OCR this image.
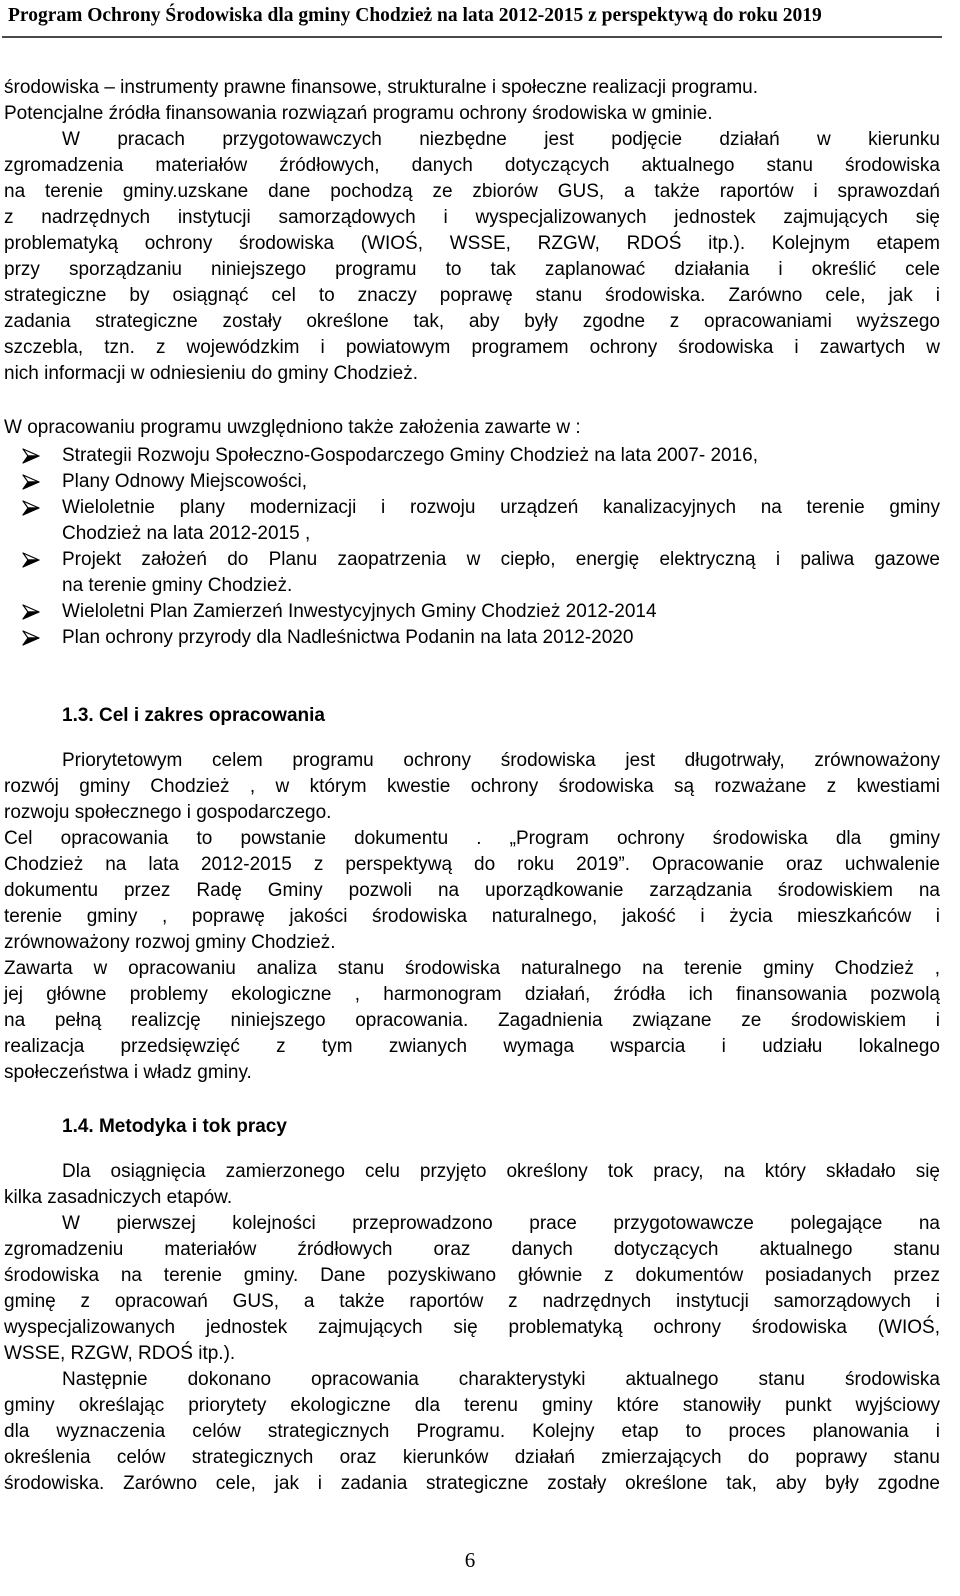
Program Ochrony Środowiska dla gminy Chodzież na lata 2012-2015 z perspektywą do roku 2019
środowiska – instrumenty prawne finansowe, strukturalne i społeczne realizacji programu.
Potencjalne źródła finansowania rozwiązań programu ochrony środowiska w gminie.
W pracach przygotowawczych niezbędne jest podjęcie działań w kierunku
zgromadzenia materiałów źródłowych, danych dotyczących aktualnego stanu środowiska
na terenie gminy.uzskane dane pochodzą ze zbiorów GUS, a także raportów i sprawozdań
z nadrzędnych instytucji samorządowych i wyspecjalizowanych jednostek zajmujących się
problematyką ochrony środowiska (WIOŚ, WSSE, RZGW, RDOŚ itp.). Kolejnym etapem
przy sporządzaniu niniejszego programu to tak zaplanować działania i określić cele
strategiczne by osiągnąć cel to znaczy poprawę stanu środowiska. Zarówno cele, jak i
zadania strategiczne zostały określone tak, aby były zgodne z opracowaniami wyższego
szczebla, tzn. z wojewódzkim i powiatowym programem ochrony środowiska i zawartych w
nich informacji w odniesieniu do gminy Chodzież.
W opracowaniu programu uwzględniono także założenia zawarte w :
Strategii Rozwoju Społeczno-Gospodarczego Gminy Chodzież na lata 2007- 2016,
Plany Odnowy Miejscowości,
Wieloletnie plany modernizacji i rozwoju urządzeń kanalizacyjnych na terenie gminy
Chodzież na lata 2012-2015 ,
Projekt założeń do Planu zaopatrzenia w ciepło, energię elektryczną i paliwa gazowe
na terenie gminy Chodzież.
Wieloletni Plan Zamierzeń Inwestycyjnych Gminy Chodzież 2012-2014
Plan ochrony przyrody dla Nadleśnictwa Podanin na lata 2012-2020
1.3. Cel i zakres opracowania
Priorytetowym celem programu ochrony środowiska jest długotrwały, zrównoważony
rozwój gminy Chodzież , w którym kwestie ochrony środowiska są rozważane z kwestiami
rozwoju społecznego i gospodarczego.
Cel opracowania to powstanie dokumentu . „Program ochrony środowiska dla gminy
Chodzież na lata 2012-2015 z perspektywą do roku 2019”. Opracowanie oraz uchwalenie
dokumentu przez Radę Gminy pozwoli na uporządkowanie zarządzania środowiskiem na
terenie gminy , poprawę jakości środowiska naturalnego, jakość i życia mieszkańców i
zrównoważony rozwoj gminy Chodzież.
Zawarta w opracowaniu analiza stanu środowiska naturalnego na terenie gminy Chodzież ,
jej główne problemy ekologiczne , harmonogram działań, źródła ich finansowania pozwolą
na pełną realizcję niniejszego opracowania. Zagadnienia związane ze środowiskiem i
realizacja przedsięwzięć z tym zwianych wymaga wsparcia i udziału lokalnego
społeczeństwa i władz gminy.
1.4. Metodyka i tok pracy
Dla osiągnięcia zamierzonego celu przyjęto określony tok pracy, na który składało się
kilka zasadniczych etapów.
W pierwszej kolejności przeprowadzono prace przygotowawcze polegające na
zgromadzeniu materiałów źródłowych oraz danych dotyczących aktualnego stanu
środowiska na terenie gminy. Dane pozyskiwano głównie z dokumentów posiadanych przez
gminę z opracowań GUS, a także raportów z nadrzędnych instytucji samorządowych i
wyspecjalizowanych jednostek zajmujących się problematyką ochrony środowiska (WIOŚ,
WSSE, RZGW, RDOŚ itp.).
Następnie dokonano opracowania charakterystyki aktualnego stanu środowiska
gminy określając priorytety ekologiczne dla terenu gminy które stanowiły punkt wyjściowy
dla wyznaczenia celów strategicznych Programu. Kolejny etap to proces planowania i
określenia celów strategicznych oraz kierunków działań zmierzających do poprawy stanu
środowiska. Zarówno cele, jak i zadania strategiczne zostały określone tak, aby były zgodne
6
